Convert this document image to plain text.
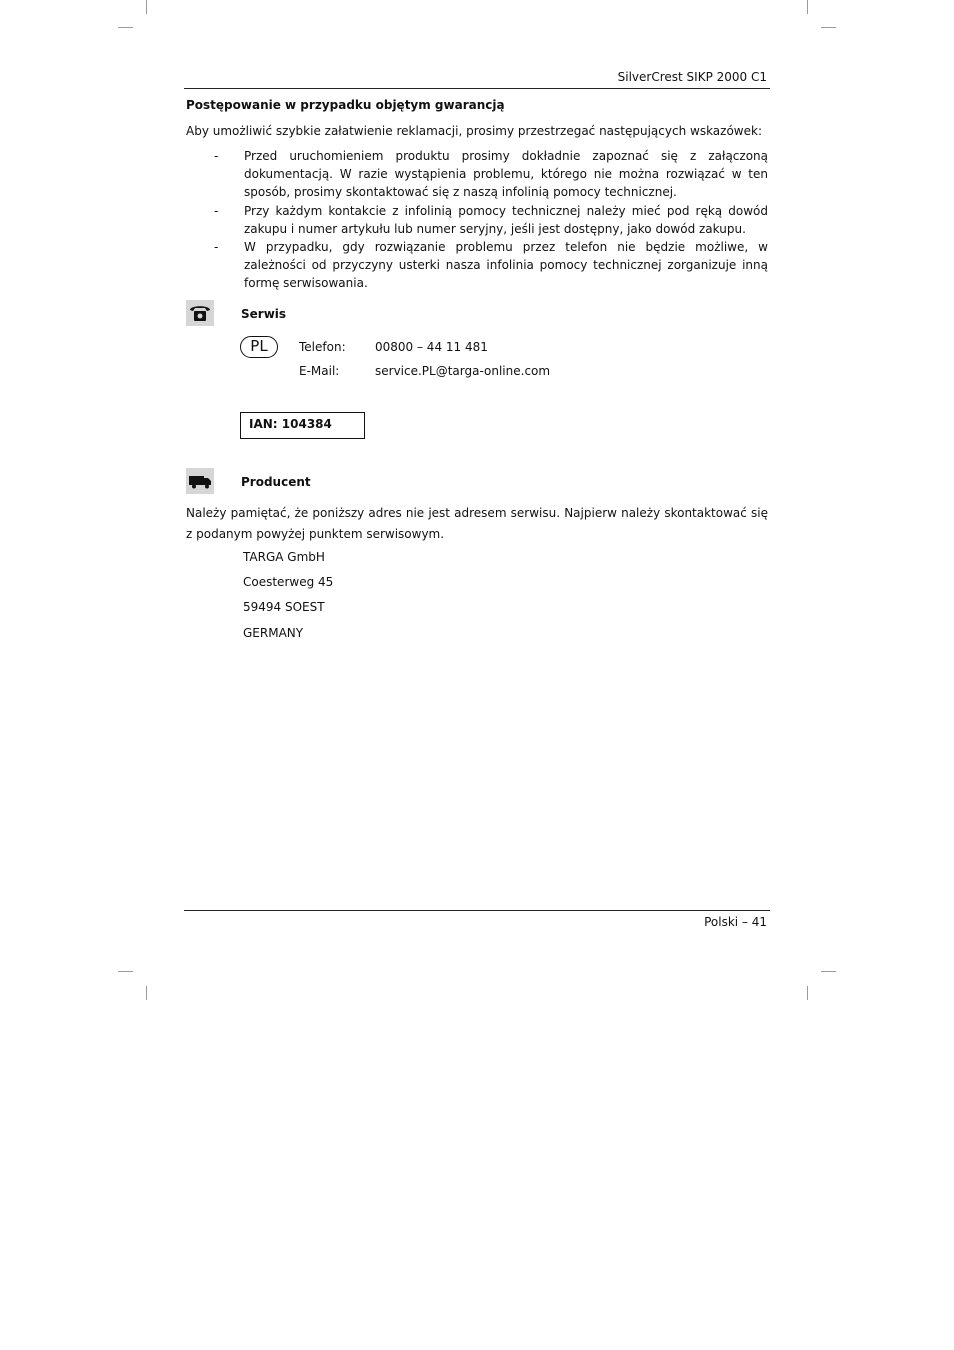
SilverCrest SIKP 2000 C1
Postępowanie w przypadku objętym gwarancją
Aby umożliwić szybkie załatwienie reklamacji, prosimy przestrzegać następujących wskazówek:
- Przed uruchomieniem produktu prosimy dokładnie zapoznać się z załączoną dokumentacją. W razie wystąpienia problemu, którego nie można rozwiązać w ten sposób, prosimy skontaktować się z naszą infolinią pomocy technicznej.
- Przy każdym kontakcie z infolinią pomocy technicznej należy mieć pod ręką dowód zakupu i numer artykułu lub numer seryjny, jeśli jest dostępny, jako dowód zakupu.
- W przypadku, gdy rozwiązanie problemu przez telefon nie będzie możliwe, w zależności od przyczyny usterki nasza infolinia pomocy technicznej zorganizuje inną formę serwisowania.
Serwis
PL	Telefon: 00800 – 44 11 481
E-Mail:	service.PL@targa-online.com
IAN: 104384
Producent
Należy pamiętać, że poniższy adres nie jest adresem serwisu. Najpierw należy skontaktować się z podanym powyżej punktem serwisowym.
TARGA GmbH
Coesterweg 45
59494 SOEST
GERMANY
Polski – 41
